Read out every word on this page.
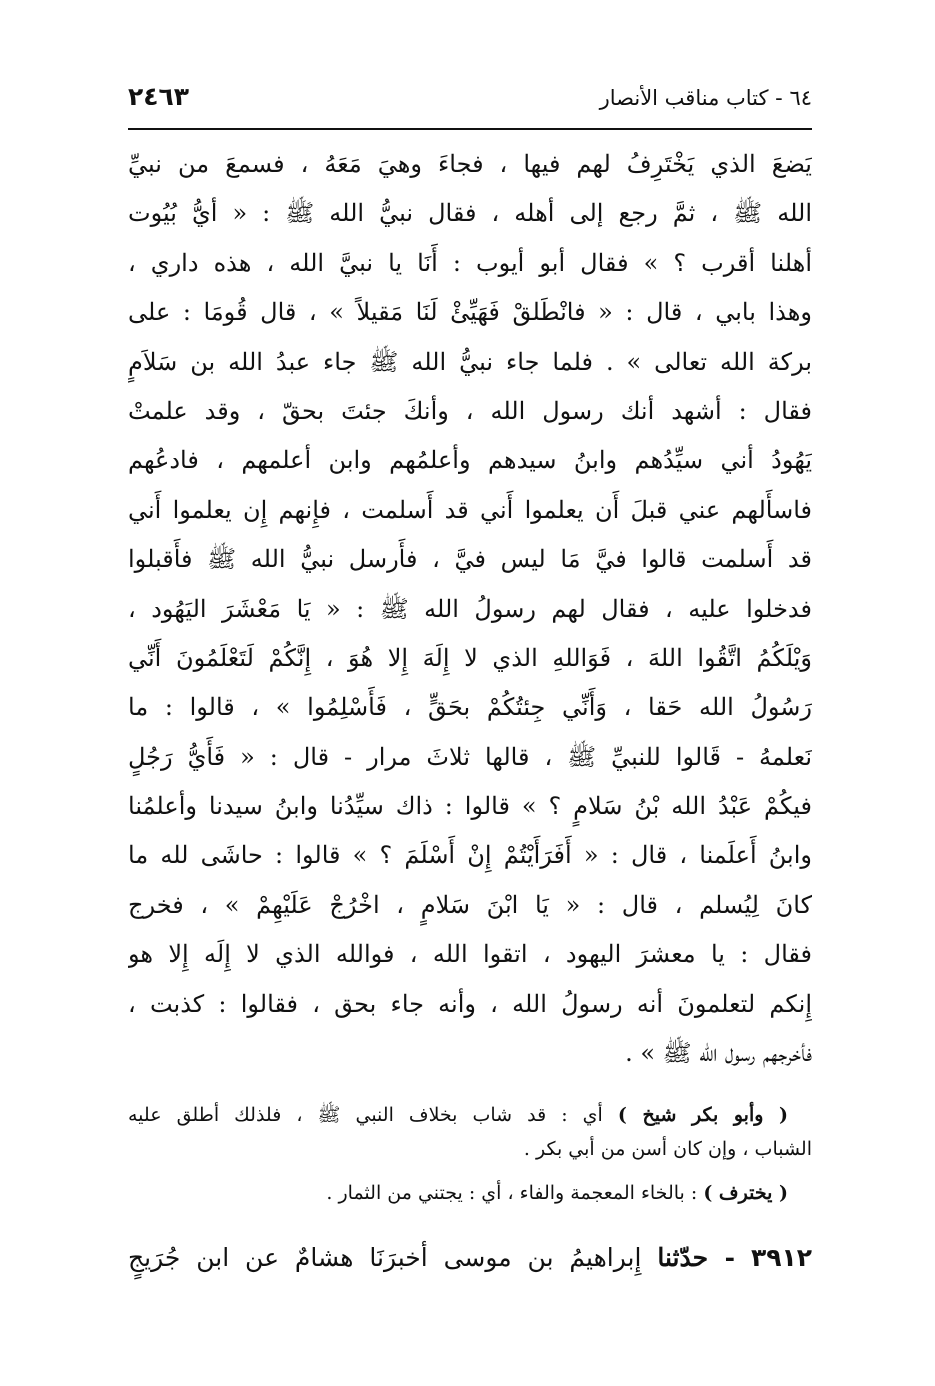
٦٤ - كتاب مناقب الأنصار
٢٤٦٣
يَضعَ الذي يَخْتَرِفُ لهم فيها ، فجاءَ وهيَ مَعَهُ ، فسمعَ من نبيِّ
الله ﷺ ، ثمَّ رجع إلى أهله ، فقال نبيُّ الله ﷺ : « أيُّ بُيُوت
أهلنا أقرب ؟ » فقال أبو أيوب : أَنَا يا نبيَّ الله ، هذه داري ،
وهذا بابي ، قال : « فانْطَلقْ فَهَيِّئْ لَنَا مَقيلاً » ، قال قُومَا : على
بركة الله تعالى » . فلما جاء نبيُّ الله ﷺ جاء عبدُ الله بن سَلاَمٍ
فقال : أشهد أنك رسول الله ، وأنكَ جئتَ بحقّ ، وقد علمتْ
يَهُودُ أني سيِّدُهم وابنُ سيدهم وأعلمُهم وابن أعلمهم ، فادعُهم
فاسأَلهم عني قبلَ أَن يعلموا أَني قد أَسلمت ، فإِنهم إِن يعلموا أَني
قد أَسلمت قالوا فيَّ مَا ليس فيَّ ، فأَرسل نبيُّ الله ﷺ فأَقبلوا
فدخلوا عليه ، فقال لهم رسولُ الله ﷺ : « يَا مَعْشَرَ اليَهُود ،
وَيْلَكُمُ اتَّقُوا اللهَ ، فَوَاللهِ الذي لا إِلَهَ إِلا هُوَ ، إِنَّكُمْ لَتَعْلَمُونَ أَنِّي
رَسُولُ الله حَقا ، وَأَنِّي جِئتُكُمْ بحَقٍّ ، فَأَسْلِمُوا » ، قالوا : ما
نَعلمهُ - قَالوا للنبيِّ ﷺ ، قالها ثلاثَ مرار - قال : « فَأَيُّ رَجُلٍ
فيكُمْ عَبْدُ الله بْنُ سَلامٍ ؟ » قالوا : ذاك سيِّدُنا وابنُ سيدنا وأعلمُنا
وابنُ أَعلَمنا ، قال : « أَفَرَأَيْتُمْ إِنْ أَسْلَمَ ؟ » قالوا : حاشَى لله ما
كانَ لِيُسلم ، قال : « يَا ابْنَ سَلامٍ ، اخْرُجْ عَلَيْهِمْ » ، فخرج
فقال : يا معشرَ اليهود ، اتقوا الله ، فوالله الذي لا إِلَه إِلا هو
إِنكم لتعلمونَ أنه رسولُ الله ، وأنه جاء بحق ، فقالوا : كذبت ،
فأخرجهم رسول الله ﷺ » .
( وأبو بكر شيخ ) أي : قد شاب بخلاف النبي ﷺ ، فلذلك أطلق عليه
الشباب ، وإن كان أسن من أبي بكر .
( يخترف ) : بالخاء المعجمة والفاء ، أي : يجتني من الثمار .
٣٩١٢ - حدّثنا إِبراهيمُ بن موسى أخبرَنَا هشامٌ عن ابن جُرَيجٍ
